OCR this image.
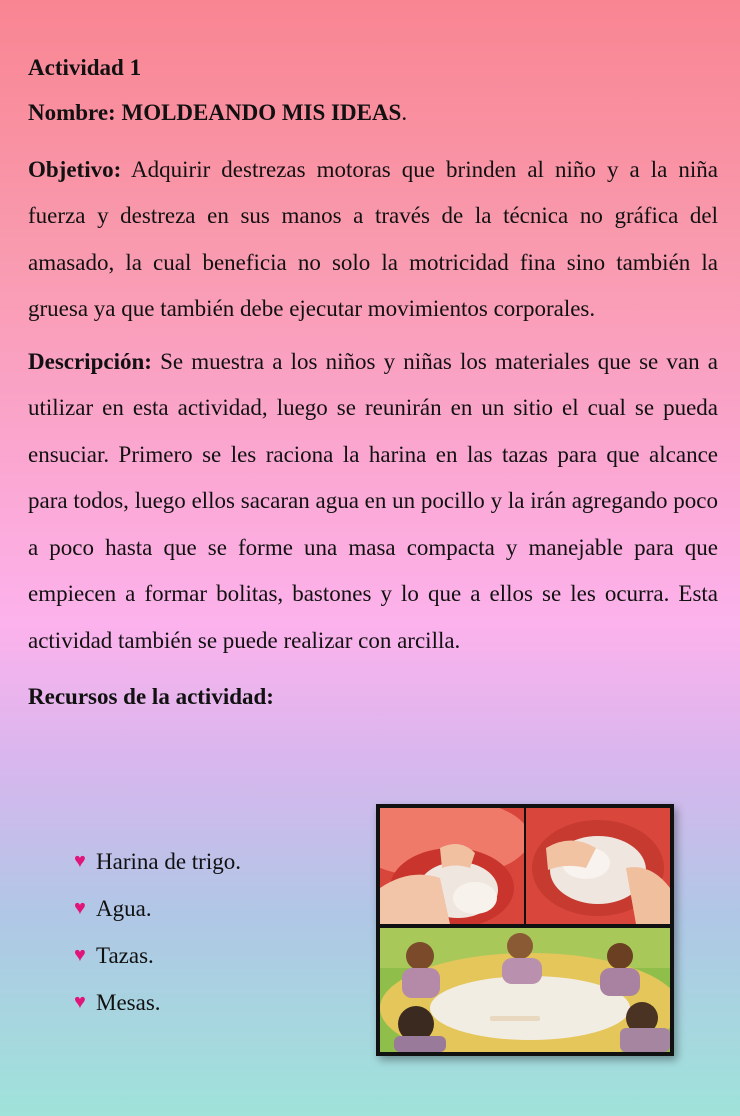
Actividad 1

Nombre: MOLDEANDO MIS IDEAS.

Objetivo: Adquirir destrezas motoras que brinden al niño y a la niña fuerza y destreza en sus manos a través de la técnica no gráfica del amasado, la cual beneficia no solo la motricidad fina sino también la gruesa ya que también debe ejecutar movimientos corporales.

Descripción: Se muestra a los niños y niñas los materiales que se van a utilizar en esta actividad, luego se reunirán en un sitio el cual se pueda ensuciar. Primero se les raciona la harina en las tazas para que alcance para todos, luego ellos sacaran agua en un pocillo y la irán agregando poco a poco hasta que se forme una masa compacta y manejable para que empiecen a formar bolitas, bastones y lo que a ellos se les ocurra. Esta actividad también se puede realizar con arcilla.

Recursos de la actividad:

♥ Harina de trigo.
♥ Agua.
♥ Tazas.
♥ Mesas.
